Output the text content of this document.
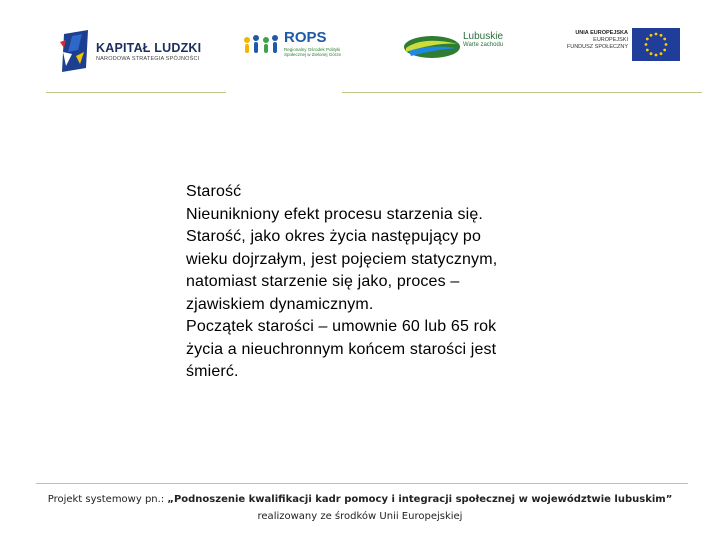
KAPITAŁ LUDZKI
NARODOWA STRATEGIA SPÓJNOŚCI
ROPS
Regionalny Ośrodek Polityki Społecznej w Zielonej Górze
Lubuskie
Warte zachodu
UNIA EUROPEJSKA
EUROPEJSKI
FUNDUSZ SPOŁECZNY

Starość

Nieunikniony efekt procesu starzenia się.

Starość, jako okres życia następujący po

wieku dojrzałym, jest pojęciem statycznym,

natomiast starzenie się jako, proces –

zjawiskiem dynamicznym.

Początek starości – umownie 60 lub 65 rok

życia a nieuchronnym końcem starości jest

śmierć.

Projekt systemowy pn.: „Podnoszenie kwalifikacji kadr pomocy i integracji społecznej w województwie lubuskim”
realizowany ze środków Unii Europejskiej
